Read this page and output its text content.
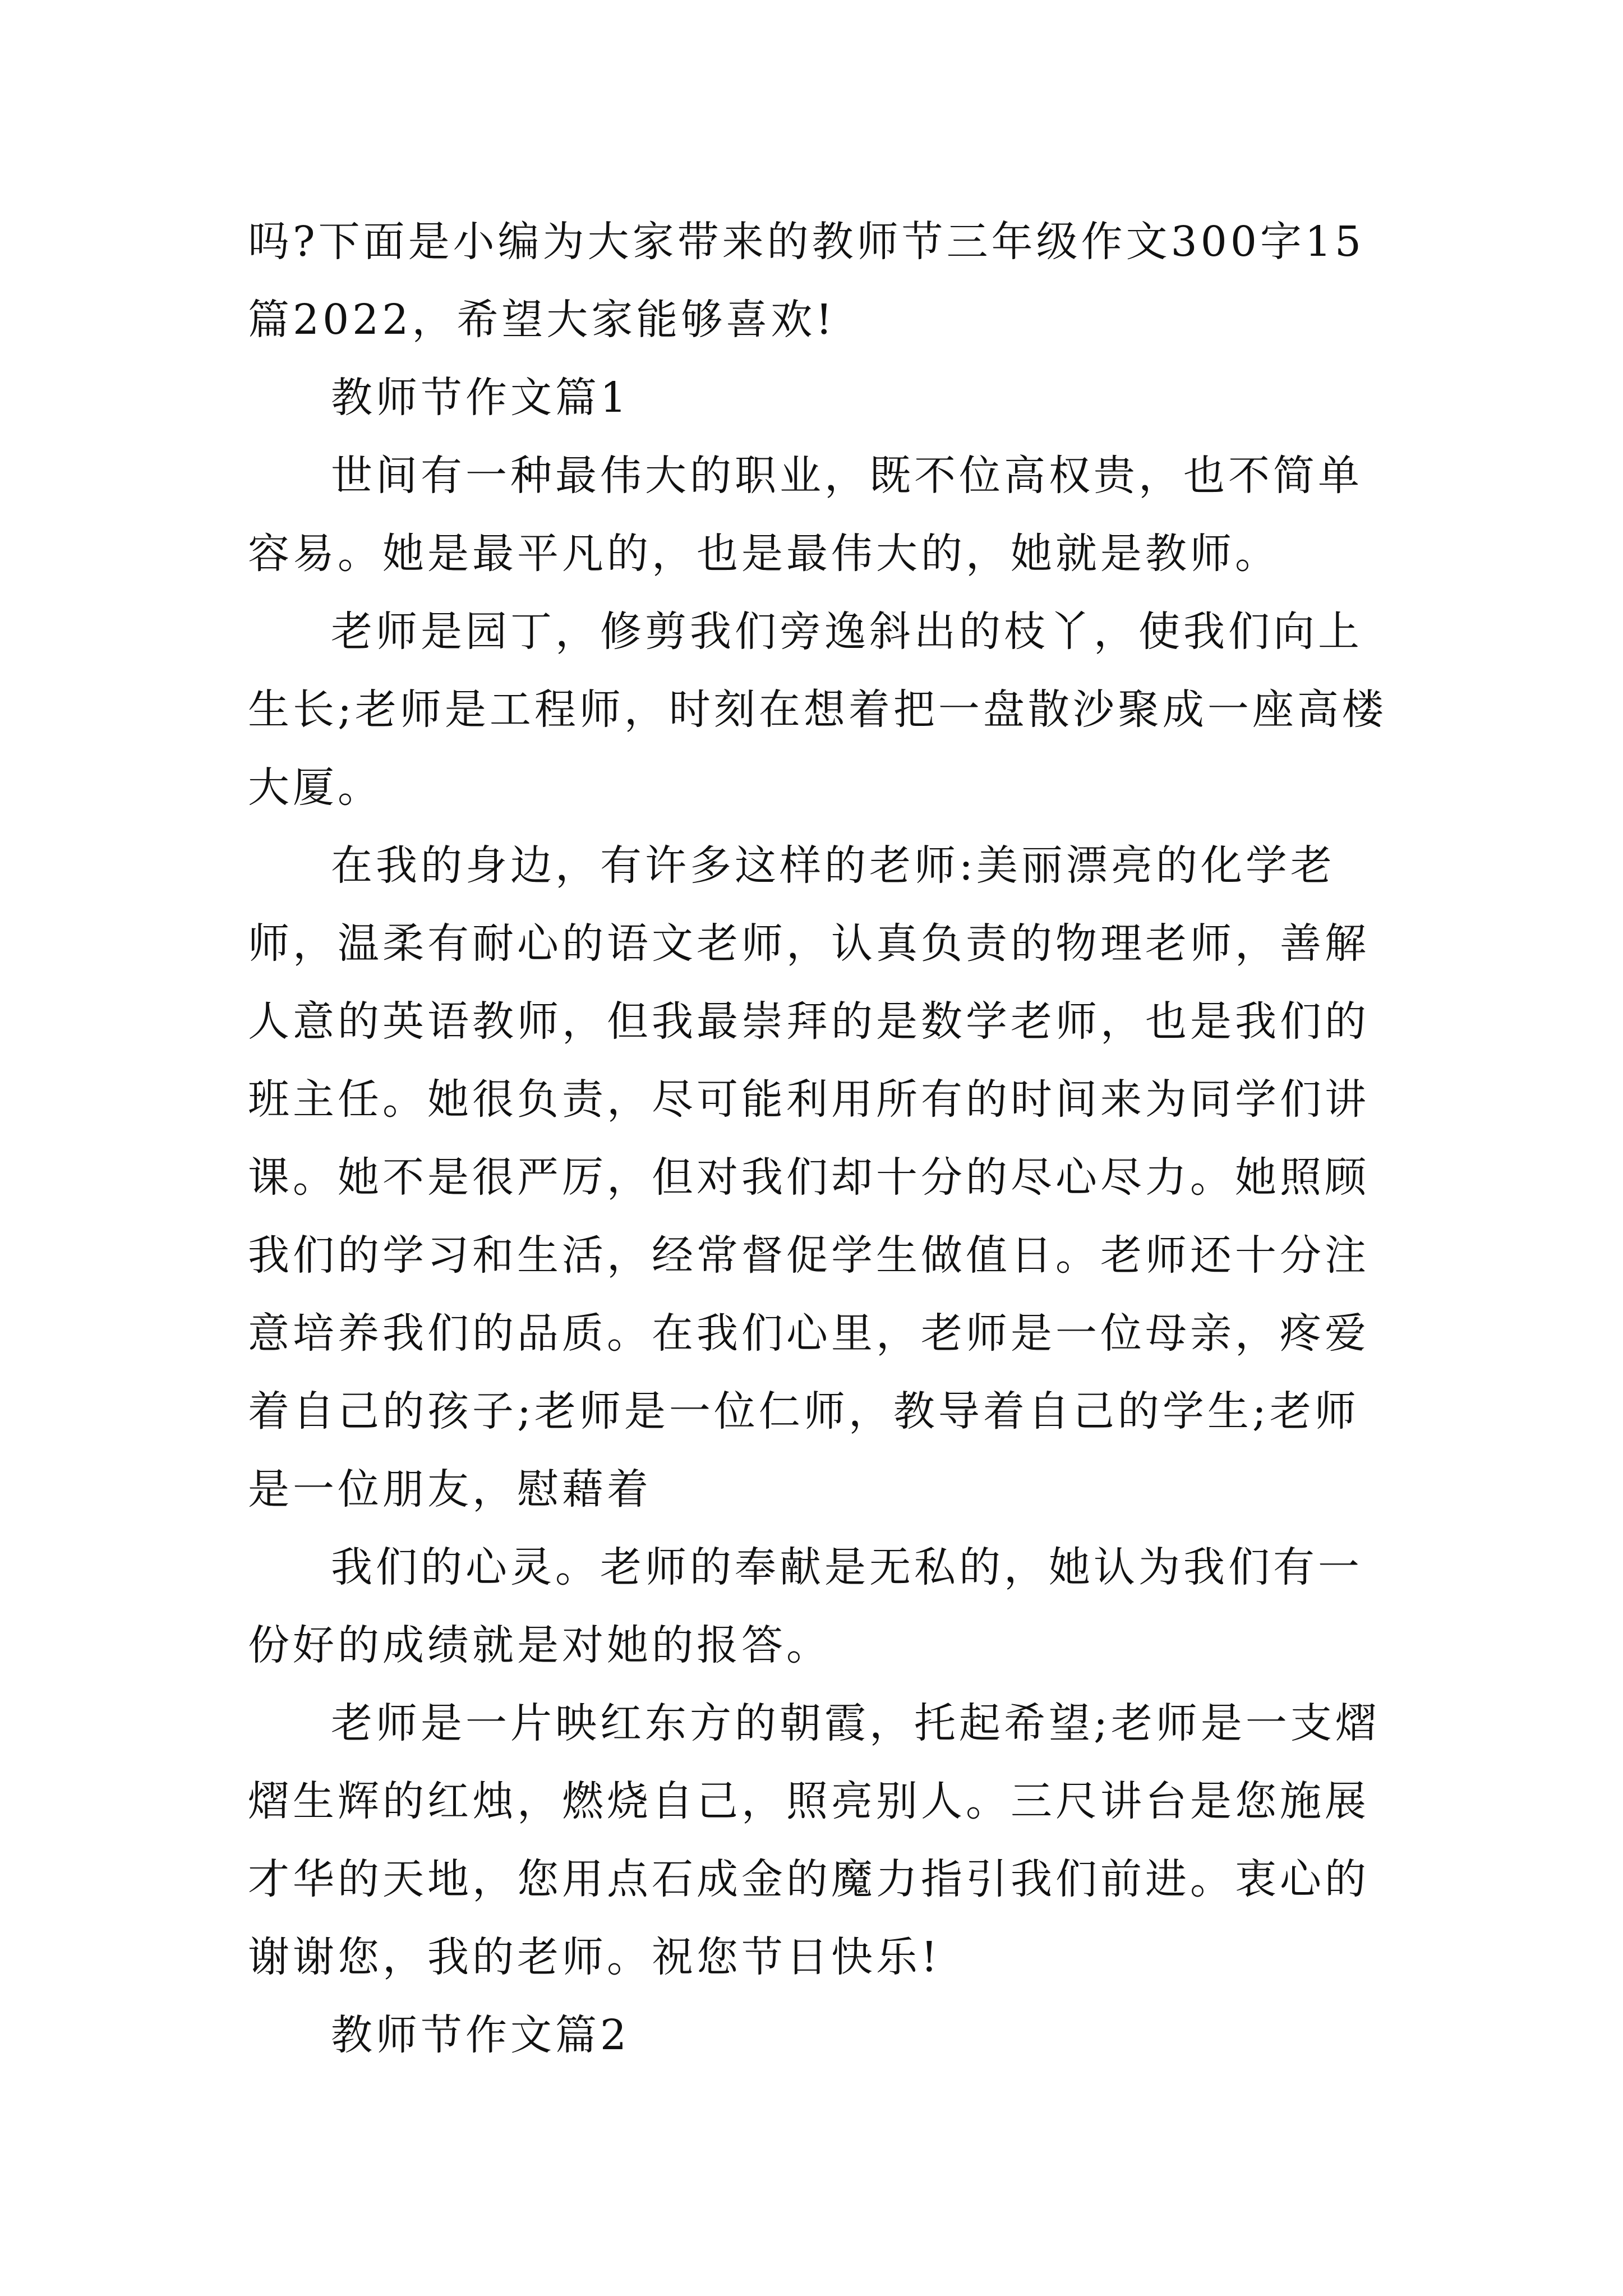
吗?下面是小编为大家带来的教师节三年级作文300字15篇2022，希望大家能够喜欢!

教师节作文篇1

世间有一种最伟大的职业，既不位高权贵，也不简单容易。她是最平凡的，也是最伟大的，她就是教师。

老师是园丁，修剪我们旁逸斜出的枝丫，使我们向上生长;老师是工程师，时刻在想着把一盘散沙聚成一座高楼大厦。

在我的身边，有许多这样的老师:美丽漂亮的化学老师，温柔有耐心的语文老师，认真负责的物理老师，善解人意的英语教师，但我最崇拜的是数学老师，也是我们的班主任。她很负责，尽可能利用所有的时间来为同学们讲课。她不是很严厉，但对我们却十分的尽心尽力。她照顾我们的学习和生活，经常督促学生做值日。老师还十分注意培养我们的品质。在我们心里，老师是一位母亲，疼爱着自己的孩子;老师是一位仁师，教导着自己的学生;老师是一位朋友，慰藉着

我们的心灵。老师的奉献是无私的，她认为我们有一份好的成绩就是对她的报答。

老师是一片映红东方的朝霞，托起希望;老师是一支熠熠生辉的红烛，燃烧自己，照亮别人。三尺讲台是您施展才华的天地，您用点石成金的魔力指引我们前进。衷心的谢谢您，我的老师。祝您节日快乐!

教师节作文篇2
